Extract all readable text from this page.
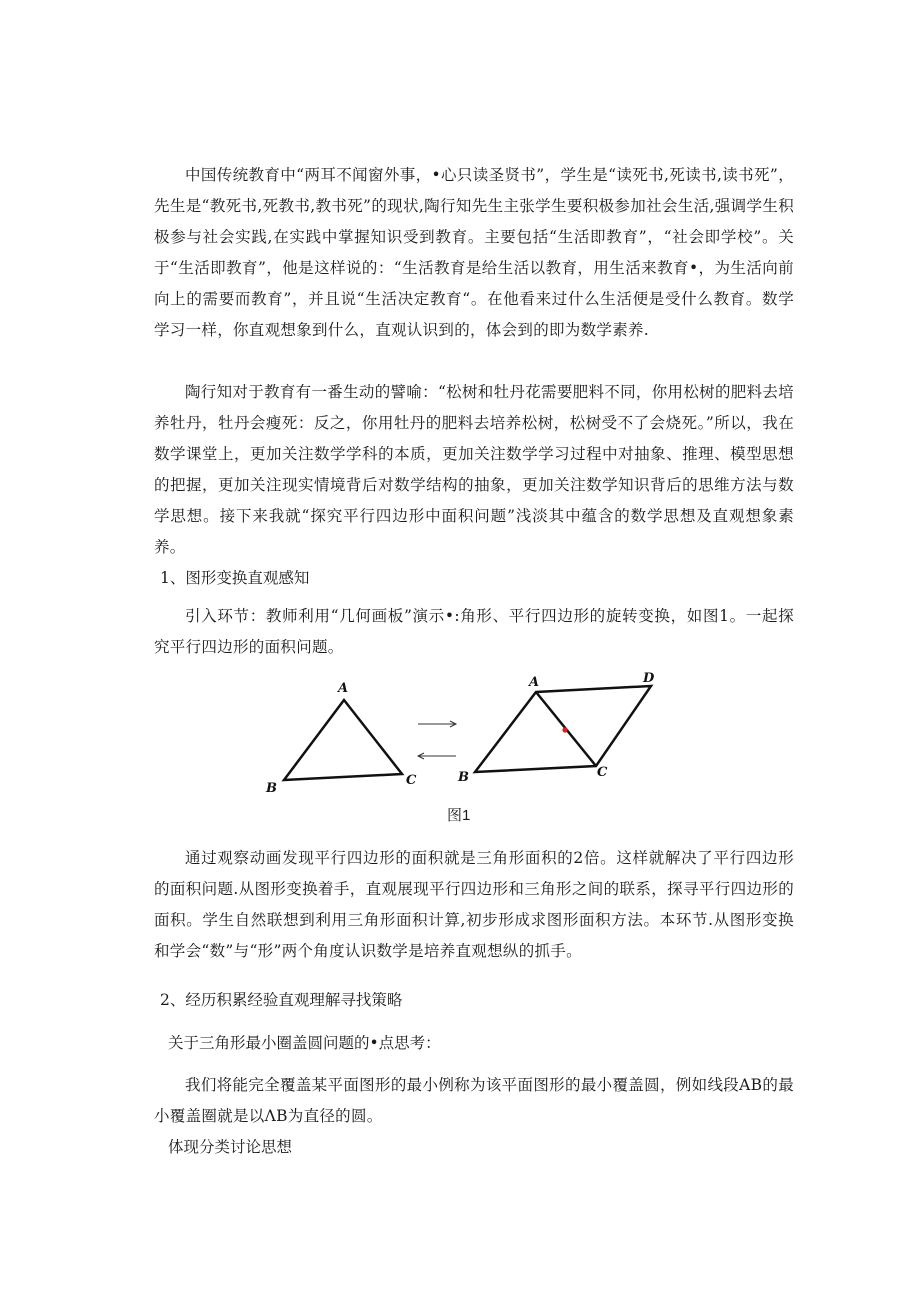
中国传统教育中“两耳不闻窗外事，•心只读圣贤书”，学生是“读死书,死读书,读书死”，先生是“教死书,死教书,教书死”的现状,陶行知先生主张学生要积极参加社会生活,强调学生积极参与社会实践,在实践中掌握知识受到教育。主要包括“生活即教育”，“社会即学校”。关于“生活即教育”，他是这样说的：“生活教育是给生活以教育，用生活来教育•，为生活向前向上的需要而教育”，并且说“生活决定教育“。在他看来过什么生活便是受什么教育。数学学习一样，你直观想象到什么，直观认识到的，体会到的即为数学素养.

陶行知对于教育有一番生动的譬喻：“松树和牡丹花需要肥料不同，你用松树的肥料去培养牡丹，牡丹会瘦死：反之，你用牡丹的肥料去培养松树，松树受不了会烧死。”所以，我在数学课堂上，更加关注数学学科的本质，更加关注数学学习过程中对抽象、推理、模型思想的把握，更加关注现实情境背后对数学结构的抽象，更加关注数学知识背后的思维方法与数学思想。接下来我就“探究平行四边形中面积问题”浅淡其中蕴含的数学思想及直观想象素养。

1、图形变换直观感知

引入环节：教师利用“几何画板”演示•:角形、平行四边形的旋转变换，如图1。一起探究平行四边形的面积问题。

A
B
C
A	D
B	C
图1

通过观察动画发现平行四边形的面积就是三角形面积的2倍。这样就解决了平行四边形的面积问题.从图形变换着手，直观展现平行四边形和三角形之间的联系，探寻平行四边形的面积。学生自然联想到利用三角形面积计算,初步形成求图形面积方法。本环节.从图形变换和学会“数”与“形”两个角度认识数学是培养直观想纵的抓手。

2、经历积累经验直观理解寻找策略

关于三角形最小圈盖圆问题的•点思考：

我们将能完全覆盖某平面图形的最小例称为该平面图形的最小覆盖圆，例如线段AB的最小覆盖圈就是以ΛB为直径的圆。

体现分类讨论思想
